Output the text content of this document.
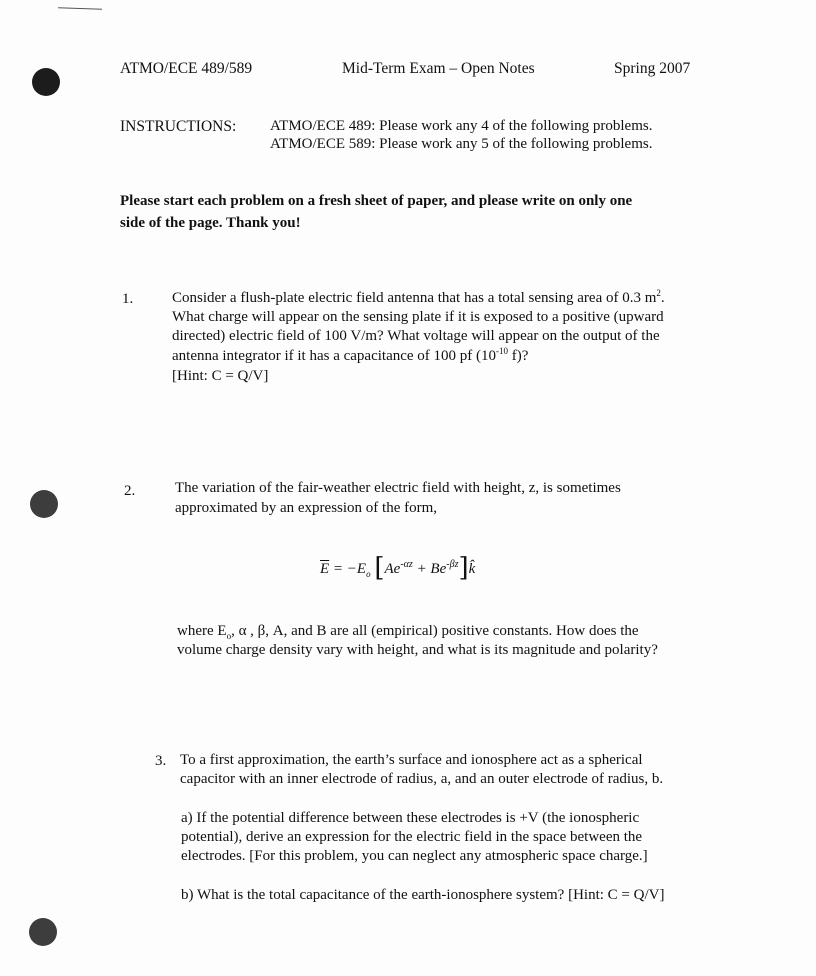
ATMO/ECE 489/589	Mid-Term Exam – Open Notes	Spring 2007
INSTRUCTIONS: ATMO/ECE 489: Please work any 4 of the following problems.
ATMO/ECE 589: Please work any 5 of the following problems.
Please start each problem on a fresh sheet of paper, and please write on only one
side of the page. Thank you!
1.	Consider a flush-plate electric field antenna that has a total sensing area of 0.3 $m^2$.
What charge will appear on the sensing plate if it is exposed to a positive (upward
directed) electric field of 100 V/m? What voltage will appear on the output of the
antenna integrator if it has a capacitance of 100 pf ($10^{-10}$ f)?
[Hint: C = Q/V]
2.	The variation of the fair-weather electric field with height, z, is sometimes
approximated by an expression of the form,
$\overline{E} = -E_o$ [$Ae^{-\alpha z}$ + $Be^{-\beta z}]k̂$
where $E_o$, α , β, A, and B are all (empirical) positive constants. How does the
volume charge density vary with height, and what is its magnitude and polarity?
3. To a first approximation, the earth’s surface and ionosphere act as a spherical
capacitor with an inner electrode of radius, a, and an outer electrode of radius, b.
a) If the potential difference between these electrodes is +V (the ionospheric
potential), derive an expression for the electric field in the space between the
electrodes. [For this problem, you can neglect any atmospheric space charge.]
b) What is the total capacitance of the earth-ionosphere system? [Hint: C = Q/V]
